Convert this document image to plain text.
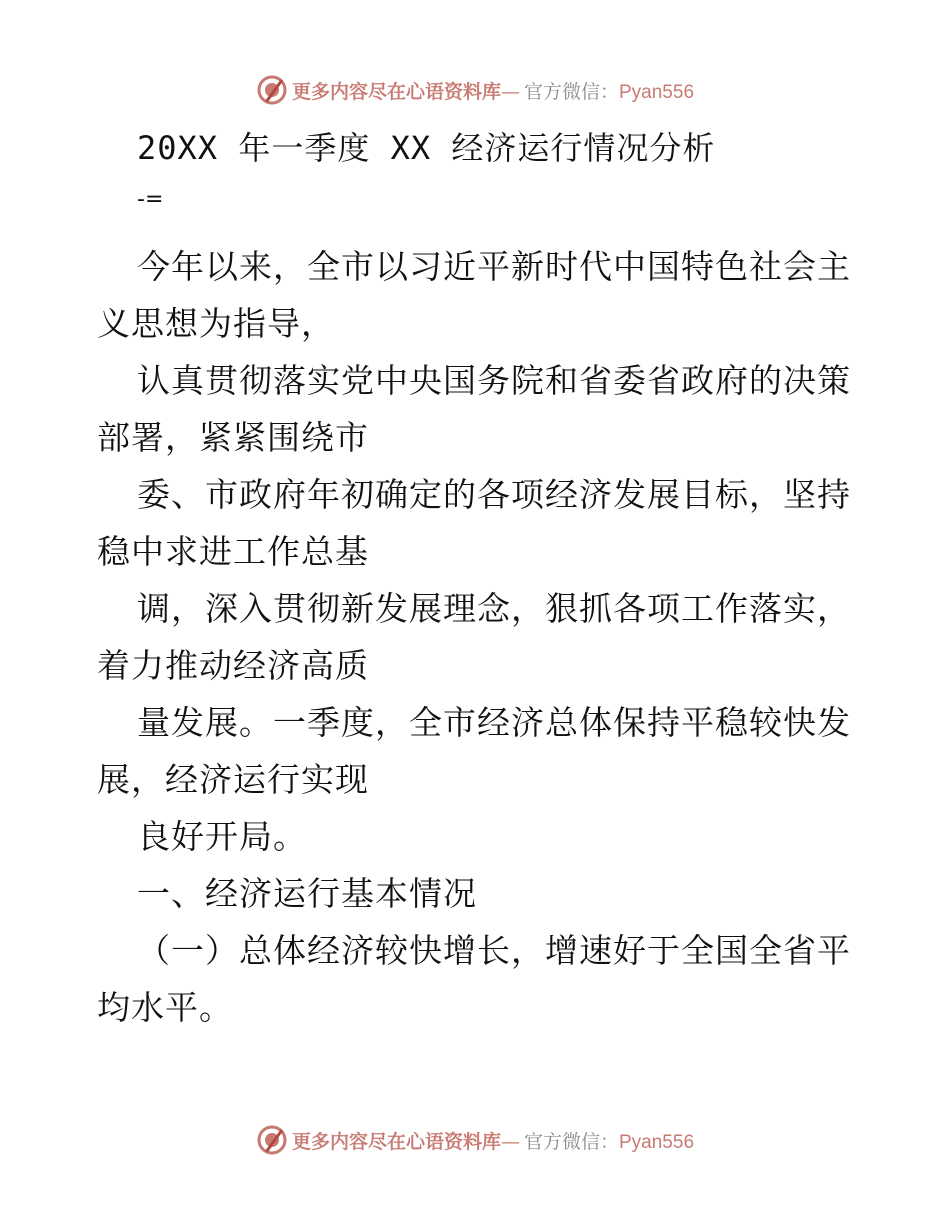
更多内容尽在心语资料库— 官方微信：Pyan556
20XX 年一季度 XX 经济运行情况分析
-=

今年以来，全市以习近平新时代中国特色社会主
义思想为指导，

认真贯彻落实党中央国务院和省委省政府的决策
部署，紧紧围绕市

委、市政府年初确定的各项经济发展目标，坚持
稳中求进工作总基

调，深入贯彻新发展理念，狠抓各项工作落实，
着力推动经济高质

量发展。一季度，全市经济总体保持平稳较快发
展，经济运行实现

良好开局。

一、经济运行基本情况

（一）总体经济较快增长，增速好于全国全省平
均水平。

更多内容尽在心语资料库— 官方微信：Pyan556
